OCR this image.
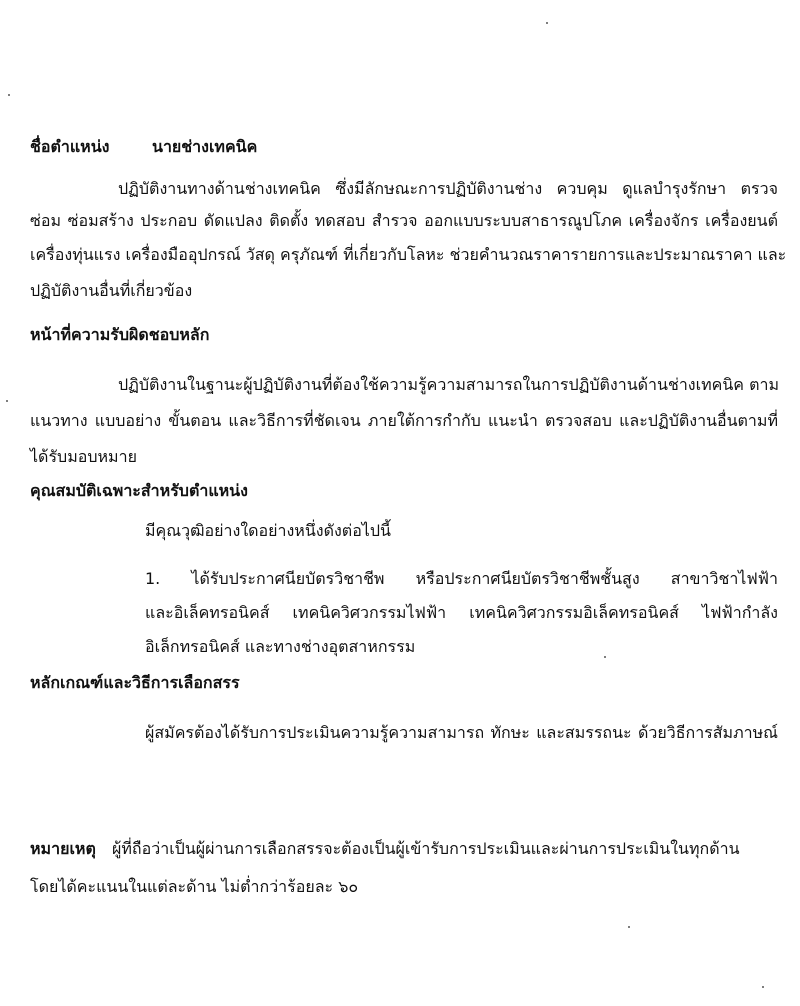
ชื่อตำแหน่ง	นายช่างเทคนิค
ปฏิบัติงานทางด้านช่างเทคนิค ซึ่งมีลักษณะการปฏิบัติงานช่าง ควบคุม ดูแลบำรุงรักษา ตรวจ
ซ่อม ซ่อมสร้าง ประกอบ ดัดแปลง ติดตั้ง ทดสอบ สำรวจ ออกแบบระบบสาธารณูปโภค เครื่องจักร เครื่องยนต์
เครื่องทุ่นแรง เครื่องมืออุปกรณ์ วัสดุ ครุภัณฑ์ ที่เกี่ยวกับโลหะ ช่วยคำนวณราคารายการและประมาณราคา และ
ปฏิบัติงานอื่นที่เกี่ยวข้อง
หน้าที่ความรับผิดชอบหลัก
ปฏิบัติงานในฐานะผู้ปฏิบัติงานที่ต้องใช้ความรู้ความสามารถในการปฏิบัติงานด้านช่างเทคนิค ตาม
แนวทาง แบบอย่าง ขั้นตอน และวิธีการที่ชัดเจน ภายใต้การกำกับ แนะนำ ตรวจสอบ และปฏิบัติงานอื่นตามที่
ได้รับมอบหมาย
คุณสมบัติเฉพาะสำหรับตำแหน่ง
มีคุณวุฒิอย่างใดอย่างหนึ่งดังต่อไปนี้
1. ได้รับประกาศนียบัตรวิชาชีพ หรือประกาศนียบัตรวิชาชีพชั้นสูง สาขาวิชาไฟฟ้า
และอิเล็คทรอนิคส์ เทคนิควิศวกรรมไฟฟ้า เทคนิควิศวกรรมอิเล็คทรอนิคส์ ไฟฟ้ากำลัง
อิเล็กทรอนิคส์ และทางช่างอุตสาหกรรม
หลักเกณฑ์และวิธีการเลือกสรร
ผู้สมัครต้องได้รับการประเมินความรู้ความสามารถ ทักษะ และสมรรถนะ ด้วยวิธีการสัมภาษณ์
หมายเหตุ ผู้ที่ถือว่าเป็นผู้ผ่านการเลือกสรรจะต้องเป็นผู้เข้ารับการประเมินและผ่านการประเมินในทุกด้าน
โดยได้คะแนนในแต่ละด้าน ไม่ต่ำกว่าร้อยละ ๖๐
